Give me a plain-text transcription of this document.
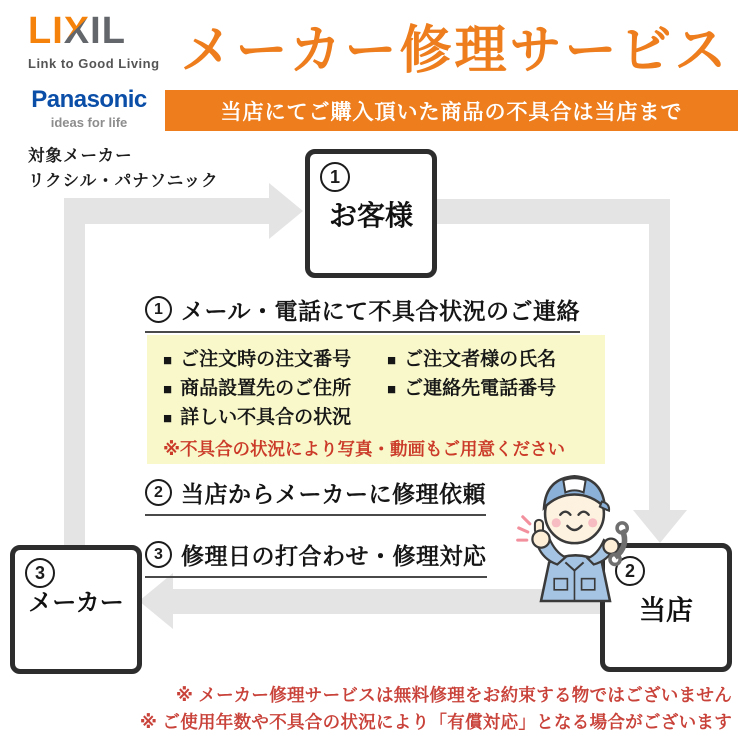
LIXIL
Link to Good Living メーカー修理サービス
Panasonic
ideas for life	当店にてご購入頂いた商品の不具合は当店まで
対象メーカー
リクシル・パナソニック	1
お客様
2
当店
3
メーカー
1 メール・電話にて不具合状況のご連絡
■ ご注文時の注文番号 ■ ご注文者様の氏名
■ 商品設置先のご住所 ■ ご連絡先電話番号
■ 詳しい不具合の状況
※不具合の状況により写真・動画もご用意ください
2 当店からメーカーに修理依頼
3 修理日の打合わせ・修理対応
※ メーカー修理サービスは無料修理をお約束する物ではございません
※ ご使用年数や不具合の状況により「有償対応」となる場合がございます
